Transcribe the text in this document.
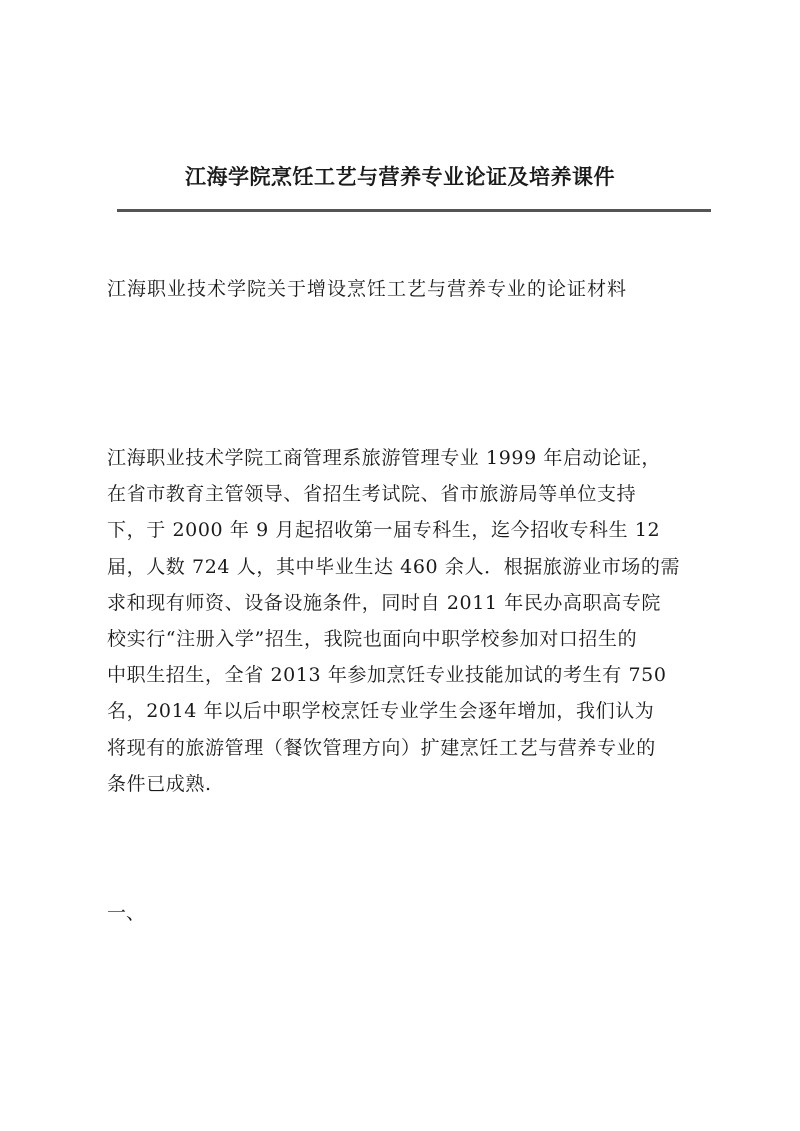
江海学院烹饪工艺与营养专业论证及培养课件
江海职业技术学院关于增设烹饪工艺与营养专业的论证材料
江海职业技术学院工商管理系旅游管理专业 1999 年启动论证，
在省市教育主管领导、省招生考试院、省市旅游局等单位支持
下，于 2000 年 9 月起招收第一届专科生，迄今招收专科生 12
届，人数 724 人，其中毕业生达 460 余人．根据旅游业市场的需
求和现有师资、设备设施条件，同时自 2011 年民办高职高专院
校实行“注册入学”招生，我院也面向中职学校参加对口招生的
中职生招生，全省 2013 年参加烹饪专业技能加试的考生有 750
名，2014 年以后中职学校烹饪专业学生会逐年增加，我们认为
将现有的旅游管理（餐饮管理方向）扩建烹饪工艺与营养专业的
条件已成熟.
一、
